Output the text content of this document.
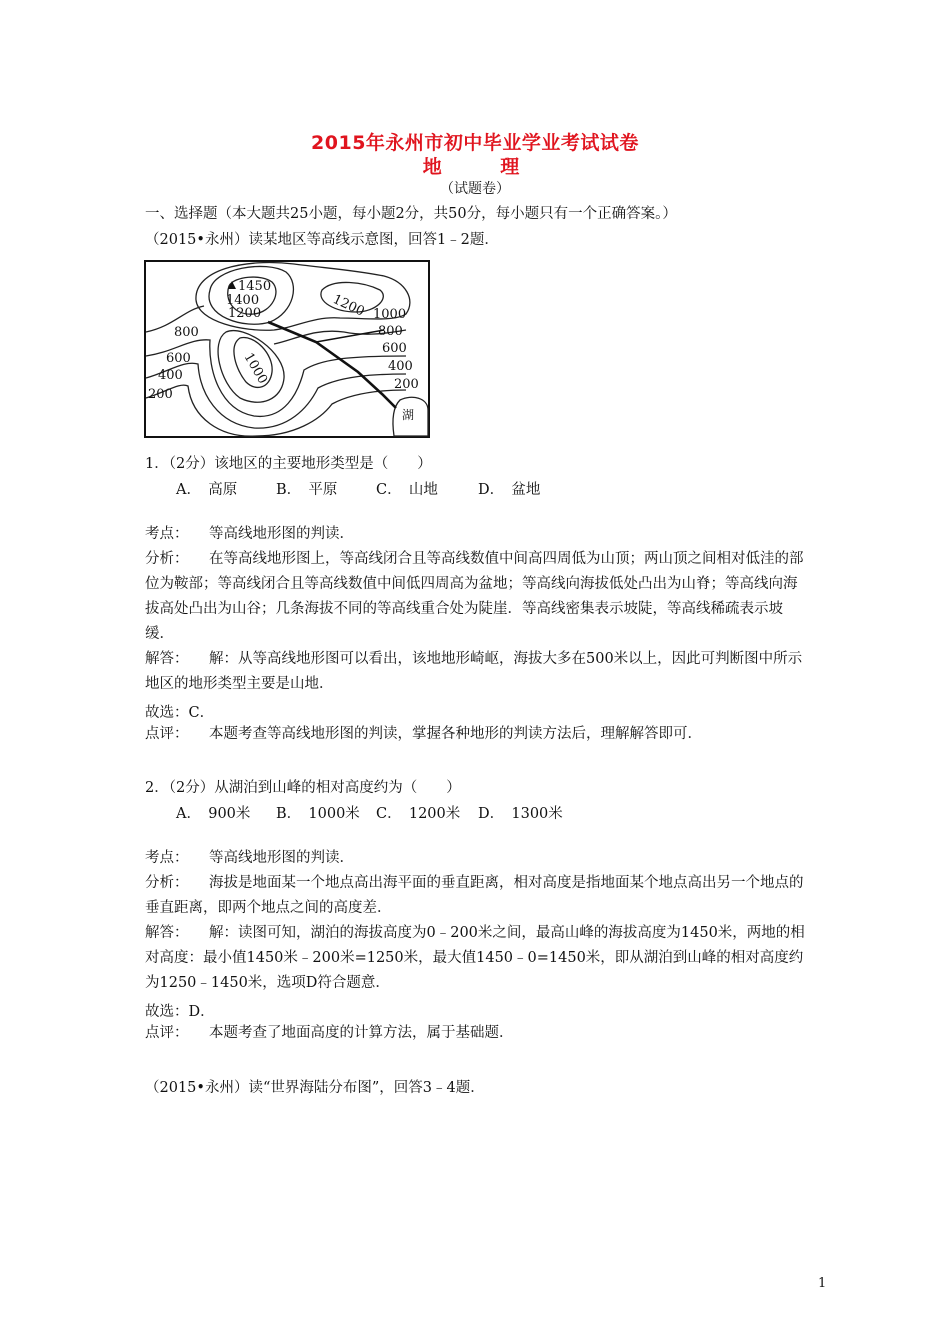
2015年永州市初中毕业学业考试试卷
地 理
（试题卷）
一、选择题（本大题共25小题，每小题2分，共50分，每小题只有一个正确答案。）
（2015•永州）读某地区等高线示意图，回答1﹣2题．
1450
1400
1200	1200 1000
800	800
600
600
400
400
200
200
1000
湖
1．（2分）该地区的主要地形类型是（　　）
A．　高原	B．　平原	C．　山地	D．　盆地
考点： 等高线地形图的判读．
分析： 在等高线地形图上，等高线闭合且等高线数值中间高四周低为山顶；两山顶之间相对低洼的部位为鞍部；等高线闭合且等高线数值中间低四周高为盆地；等高线向海拔低处凸出为山脊；等高线向海拔高处凸出为山谷；几条海拔不同的等高线重合处为陡崖．等高线密集表示坡陡，等高线稀疏表示坡缓．
解答： 解：从等高线地形图可以看出，该地地形崎岖，海拔大多在500米以上，因此可判断图中所示地区的地形类型主要是山地．
故选：C．
点评： 本题考查等高线地形图的判读，掌握各种地形的判读方法后，理解解答即可．
2．（2分）从湖泊到山峰的相对高度约为（　　）
A．　900米 B．　1000米 C．　1200米 D．　1300米
考点： 等高线地形图的判读．
分析： 海拔是地面某一个地点高出海平面的垂直距离，相对高度是指地面某个地点高出另一个地点的垂直距离，即两个地点之间的高度差．
解答： 解：读图可知，湖泊的海拔高度为0﹣200米之间，最高山峰的海拔高度为1450米，两地的相对高度：最小值1450米﹣200米=1250米，最大值1450﹣0=1450米，即从湖泊到山峰的相对高度约为1250﹣1450米，选项D符合题意．
故选：D．
点评： 本题考查了地面高度的计算方法，属于基础题．
（2015•永州）读“世界海陆分布图”，回答3﹣4题．
1
